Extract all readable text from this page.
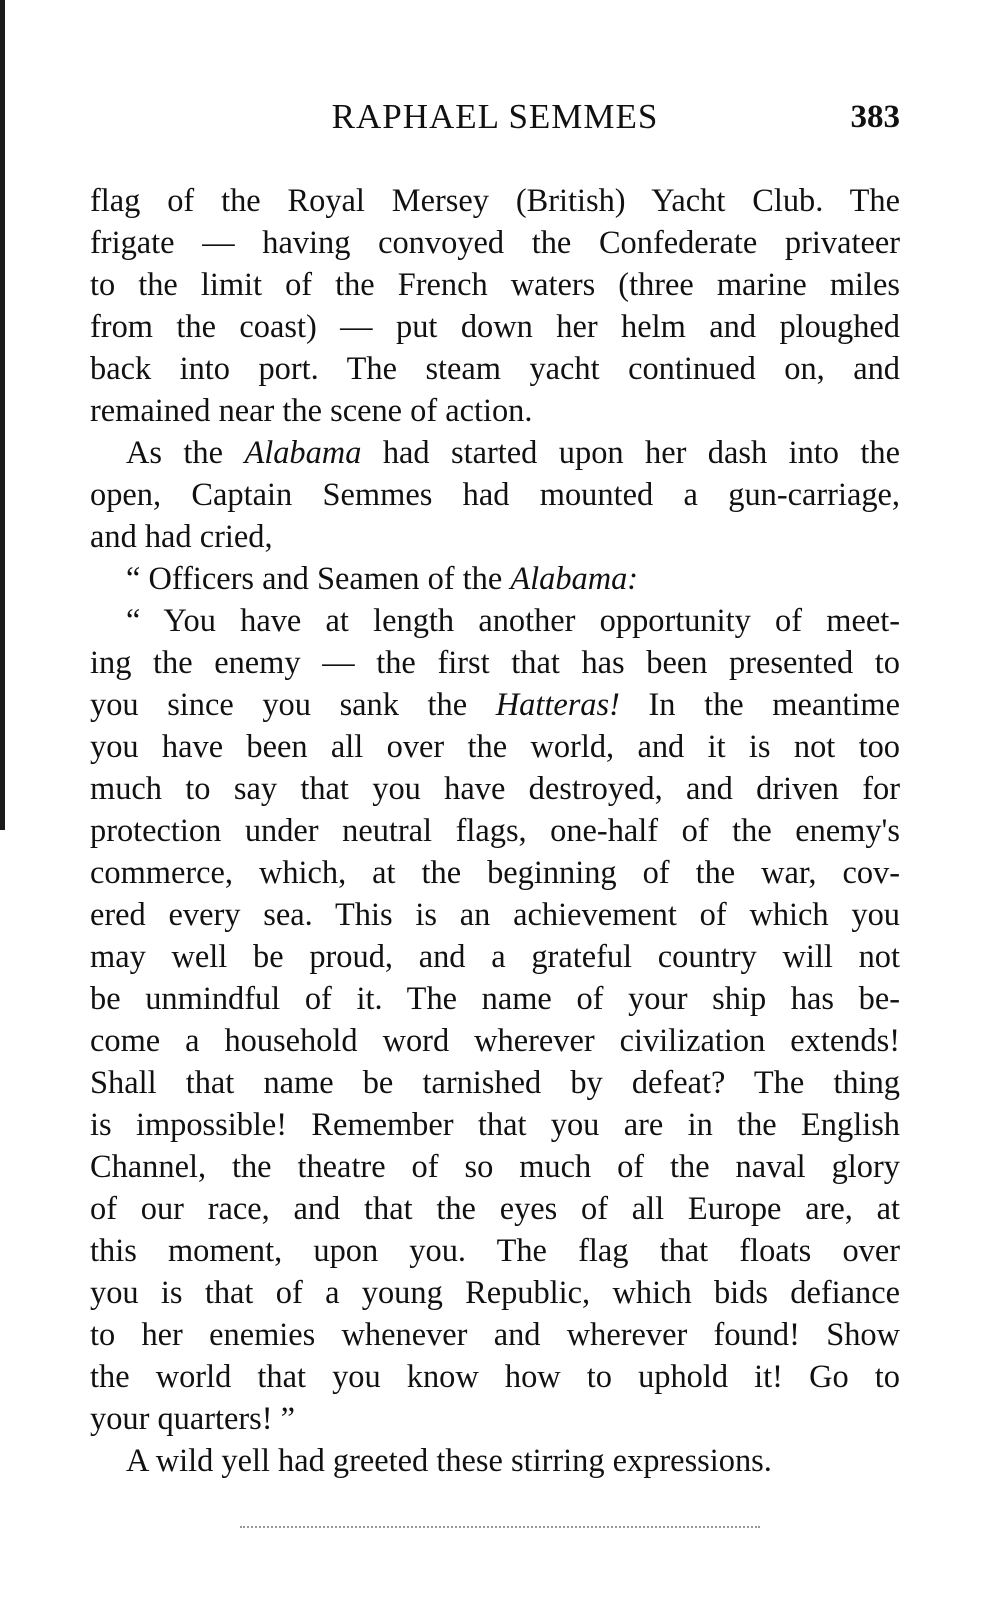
RAPHAEL SEMMES	383
flag of the Royal Mersey (British) Yacht Club. The
frigate — having convoyed the Confederate privateer
to the limit of the French waters (three marine miles
from the coast) — put down her helm and ploughed
back into port. The steam yacht continued on, and
remained near the scene of action.
As the Alabama had started upon her dash into the
open, Captain Semmes had mounted a gun-carriage,
and had cried,
“ Officers and Seamen of the Alabama:
“ You have at length another opportunity of meet-
ing the enemy — the first that has been presented to
you since you sank the Hatteras! In the meantime
you have been all over the world, and it is not too
much to say that you have destroyed, and driven for
protection under neutral flags, one-half of the enemy's
commerce, which, at the beginning of the war, cov-
ered every sea. This is an achievement of which you
may well be proud, and a grateful country will not
be unmindful of it. The name of your ship has be-
come a household word wherever civilization extends!
Shall that name be tarnished by defeat? The thing
is impossible! Remember that you are in the English
Channel, the theatre of so much of the naval glory
of our race, and that the eyes of all Europe are, at
this moment, upon you. The flag that floats over
you is that of a young Republic, which bids defiance
to her enemies whenever and wherever found! Show
the world that you know how to uphold it! Go to
your quarters! ”
A wild yell had greeted these stirring expressions.
